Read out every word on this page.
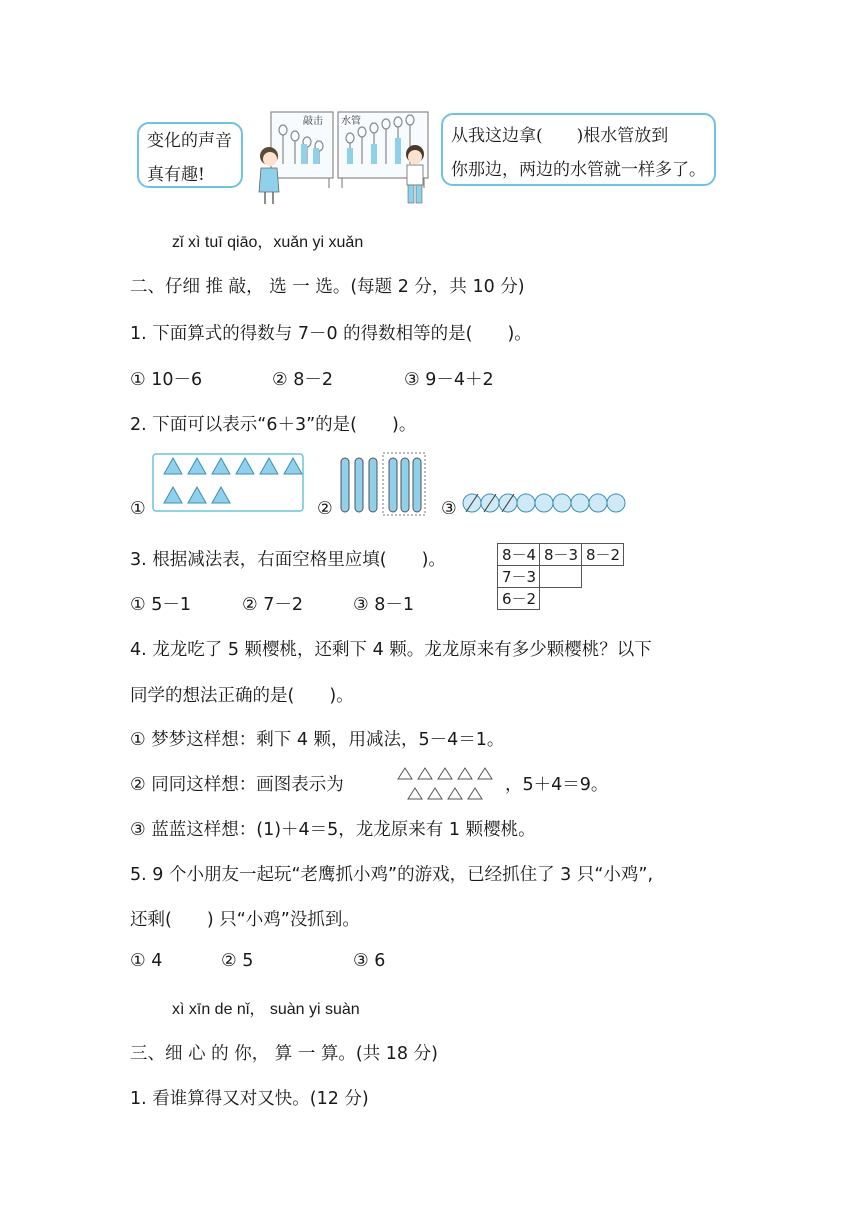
变化的声音
真有趣!
敲击 水管
从我这边拿(　　)根水管放到
你那边，两边的水管就一样多了。
zǐ xì tuī qiāo，xuǎn yi xuǎn
二、仔细 推 敲， 选 一 选。(每题 2 分，共 10 分)
1. 下面算式的得数与 7－0 的得数相等的是(　　)。
① 10－6	② 8－2	③ 9－4＋2
2. 下面可以表示“6＋3”的是(　　)。
①	②	③
3. 根据减法表，右面空格里应填(　　)。	8－4	8－3	8－2
7－3		
6－2		
① 5－1	② 7－2	③ 8－1
4. 龙龙吃了 5 颗樱桃，还剩下 4 颗。龙龙原来有多少颗樱桃？以下
同学的想法正确的是(　　)。
① 梦梦这样想：剩下 4 颗，用减法，5－4＝1。
② 同同这样想：画图表示为	，5＋4＝9。
③ 蓝蓝这样想：(1)＋4＝5，龙龙原来有 1 颗樱桃。
5. 9 个小朋友一起玩“老鹰抓小鸡”的游戏，已经抓住了 3 只“小鸡”,
还剩(　　) 只“小鸡”没抓到。
① 4	② 5	③ 6
xì xīn de nǐ， suàn yi suàn
三、细 心 的 你， 算 一 算。(共 18 分)
1. 看谁算得又对又快。(12 分)
